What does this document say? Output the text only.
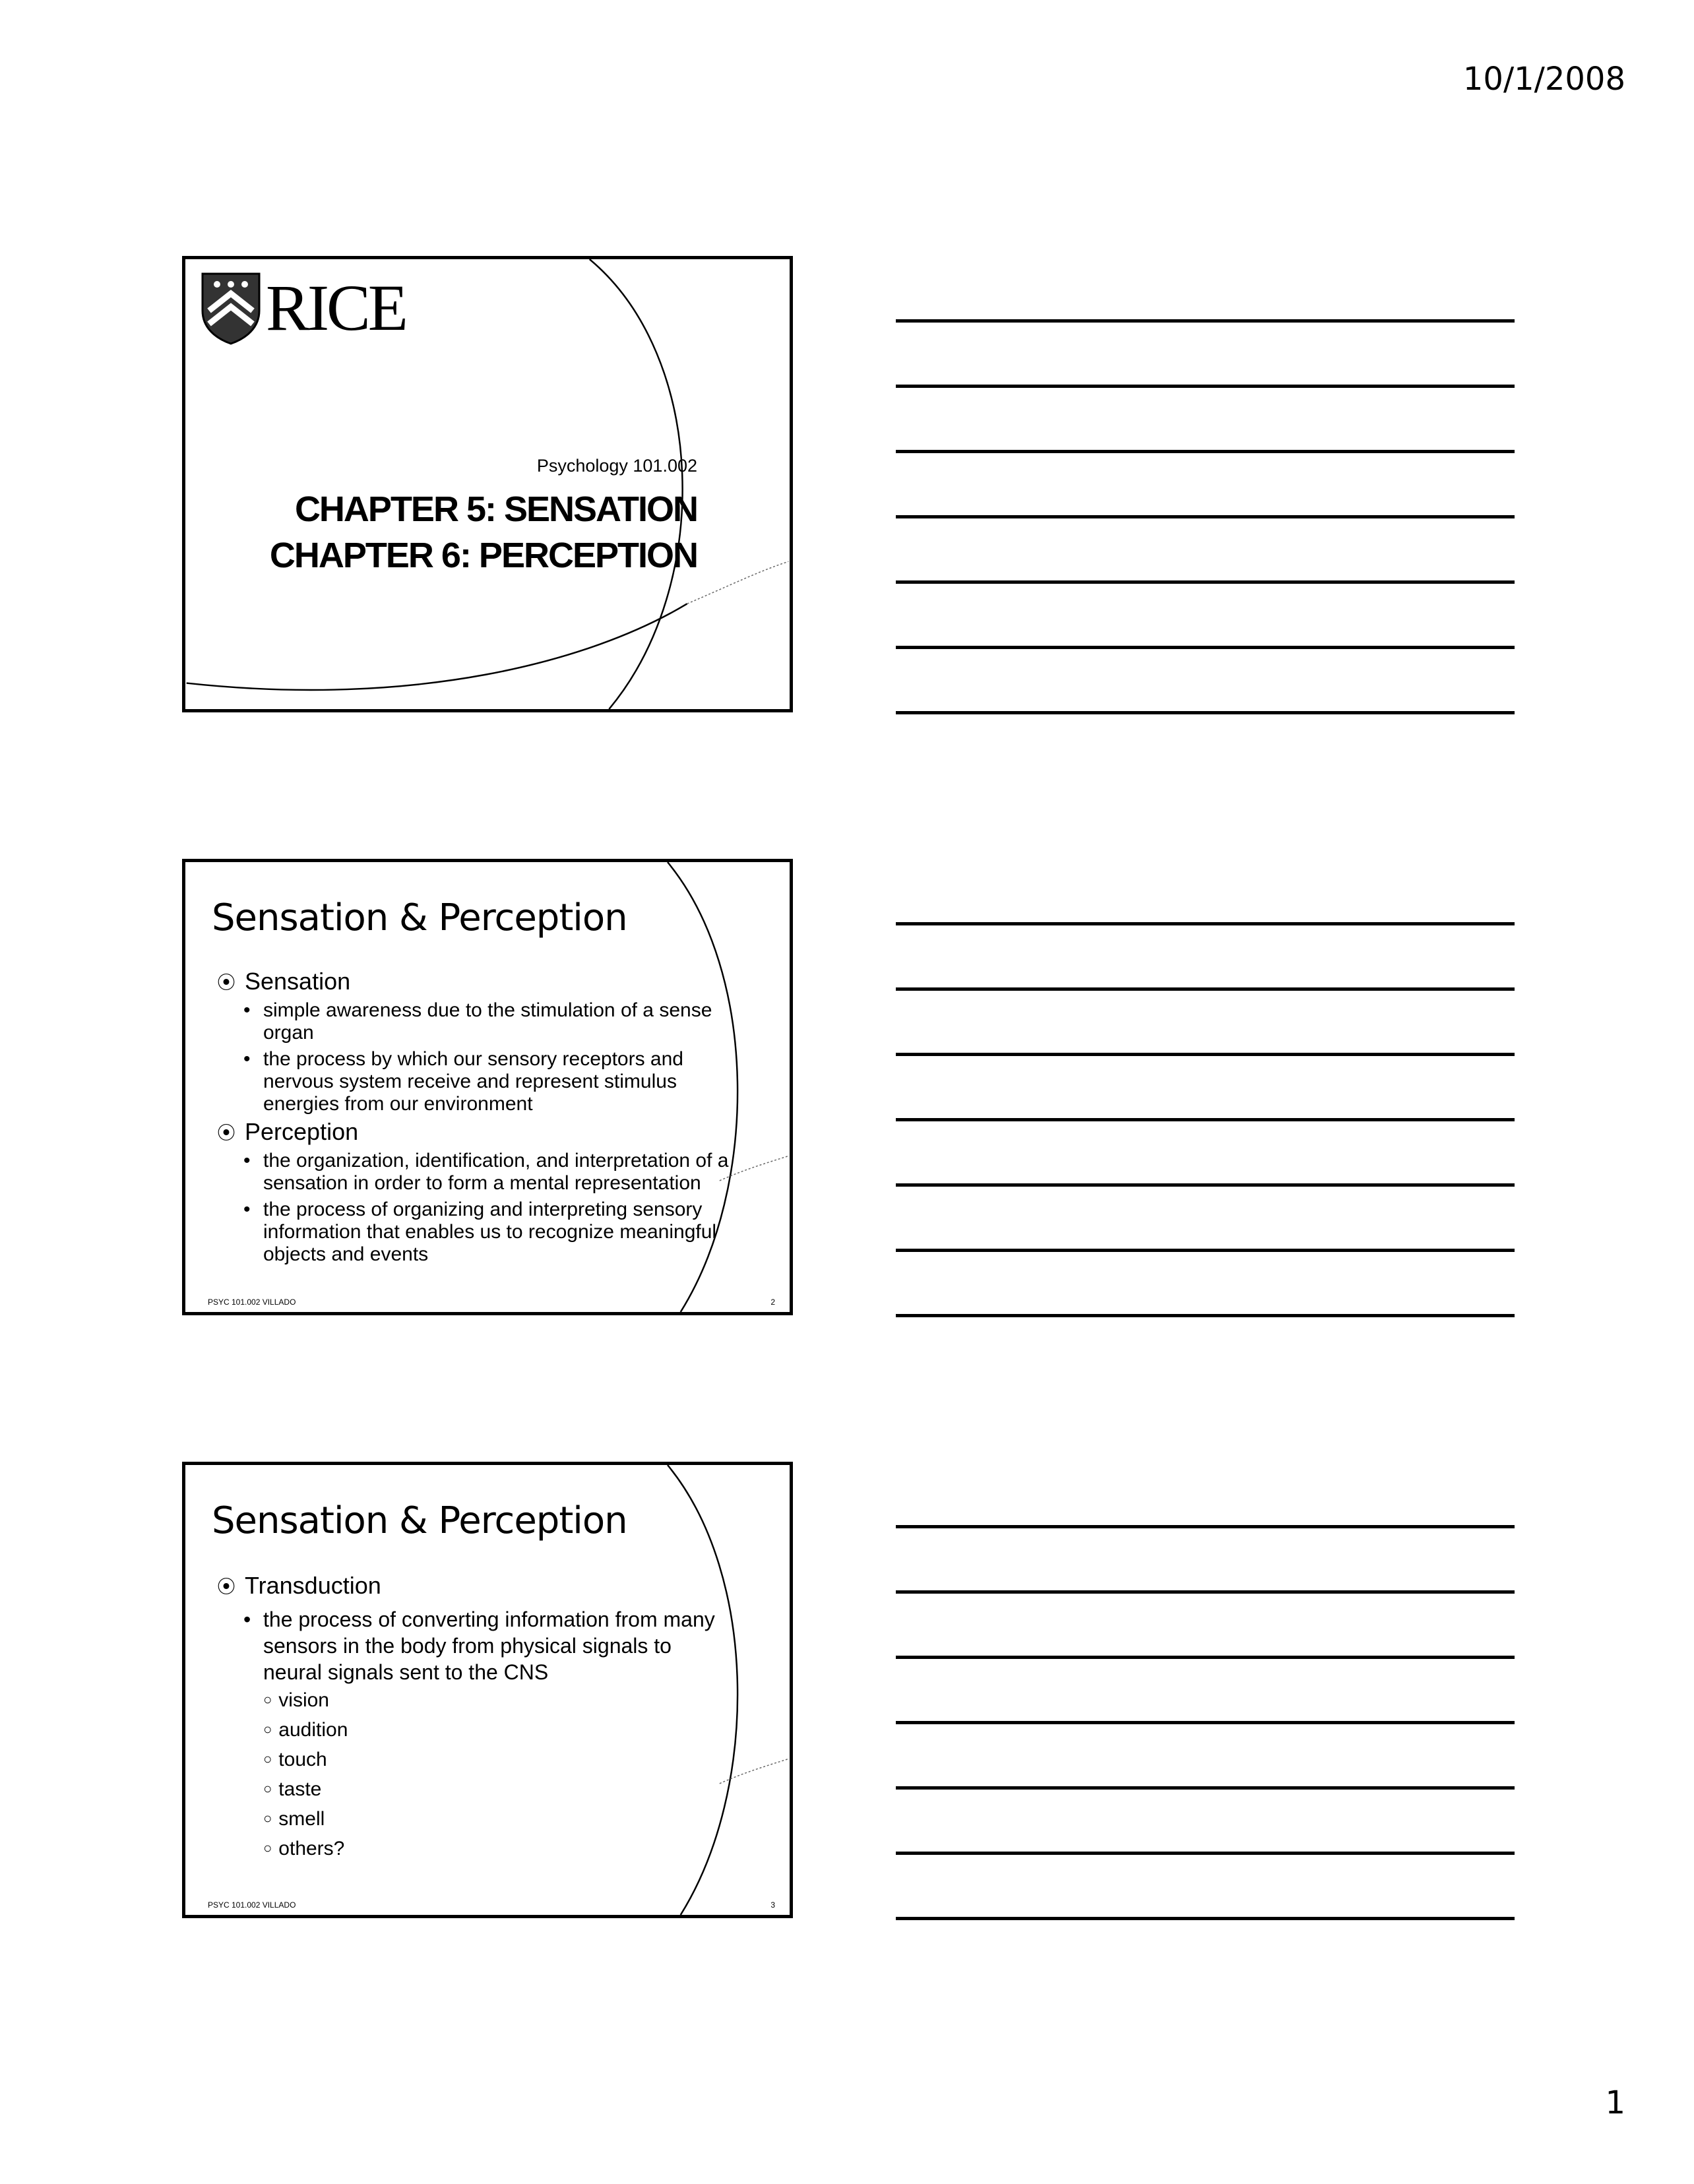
10/1/2008
RICE
Psychology 101.002
CHAPTER 5: SENSATION
CHAPTER 6: PERCEPTION
Sensation & Perception
⦿ Sensation
• simple awareness due to the stimulation of a sense organ
• the process by which our sensory receptors and nervous system receive and represent stimulus energies from our environment
⦿ Perception
• the organization, identification, and interpretation of a sensation in order to form a mental representation
• the process of organizing and interpreting sensory information that enables us to recognize meaningful objects and events
PSYC 101.002 VILLADO	2
Sensation & Perception
⦿ Transduction
• the process of converting information from many sensors in the body from physical signals to neural signals sent to the CNS
○ vision
○ audition
○ touch
○ taste
○ smell
○ others?
PSYC 101.002 VILLADO	3
1
